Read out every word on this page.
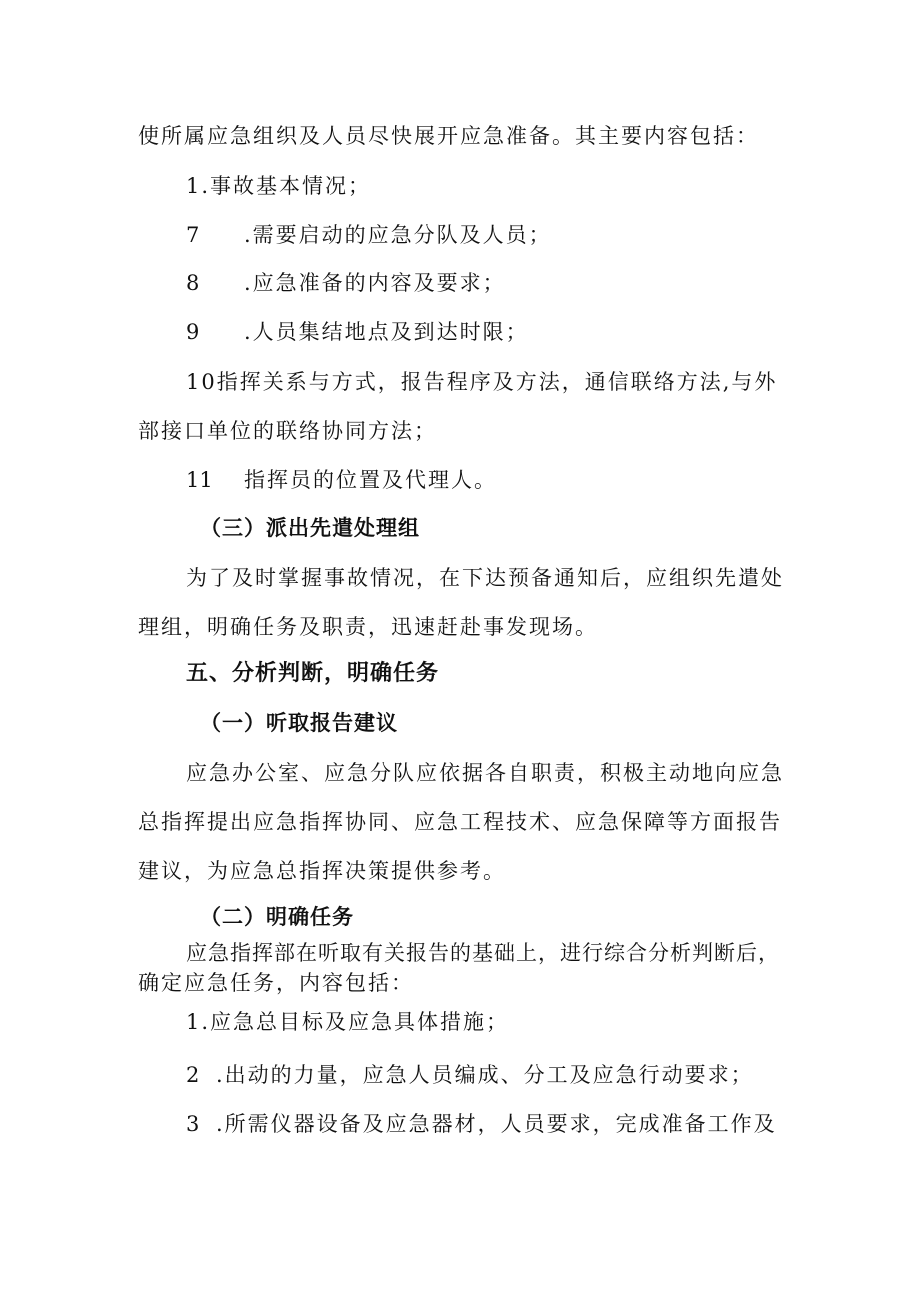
使所属应急组织及人员尽快展开应急准备。其主要内容包括：
1.事故基本情况；
7 .需要启动的应急分队及人员；
8 .应急准备的内容及要求；
9 .人员集结地点及到达时限；
10指挥关系与方式，报告程序及方法，通信联络方法,与外
部接口单位的联络协同方法；
11 指挥员的位置及代理人。
（三）派出先遣处理组
为了及时掌握事故情况，在下达预备通知后，应组织先遣处
理组，明确任务及职责，迅速赶赴事发现场。
五、分析判断，明确任务
（一）听取报告建议
应急办公室、应急分队应依据各自职责，积极主动地向应急
总指挥提出应急指挥协同、应急工程技术、应急保障等方面报告
建议，为应急总指挥决策提供参考。
（二）明确任务
应急指挥部在听取有关报告的基础上，进行综合分析判断后，
确定应急任务，内容包括：
1.应急总目标及应急具体措施；
2 .出动的力量，应急人员编成、分工及应急行动要求；
3 .所需仪器设备及应急器材，人员要求，完成准备工作及
